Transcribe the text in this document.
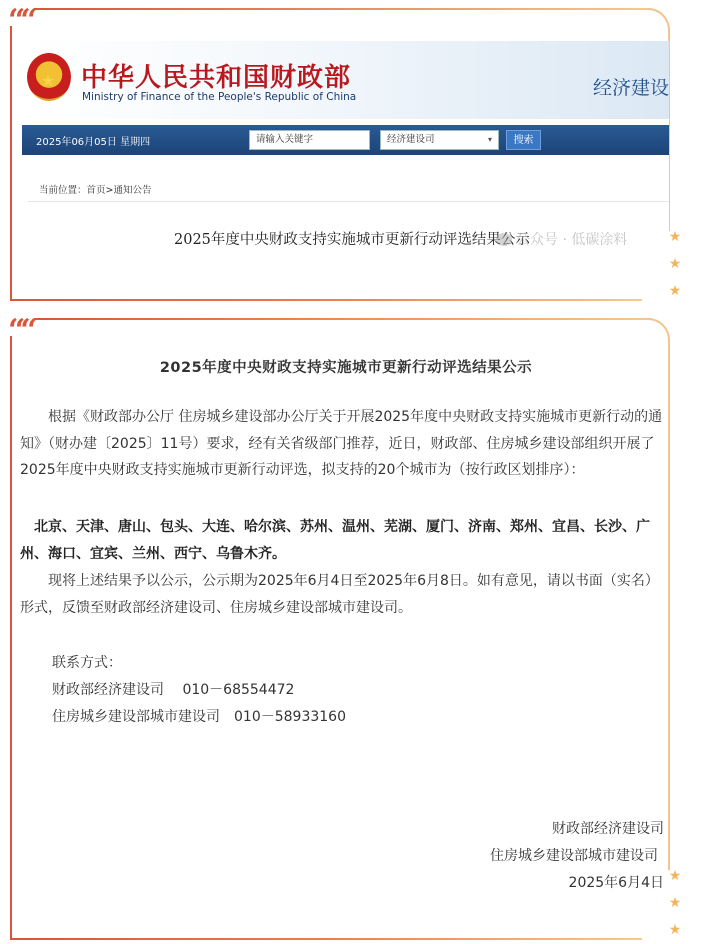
““
★
★
★
★ 中华人民共和国财政部
Ministry of Finance of the People's Republic of China	经济建设
2025年06月05日 星期四	请输入关键字	经济建设司	▾	搜索
当前位置：首页>通知公告
2025年度中央财政支持实施城市更新行动评选结果公示
公众号 · 低碳涂料
““
★
★
★
2025年度中央财政支持实施城市更新行动评选结果公示
根据《财政部办公厅 住房城乡建设部办公厅关于开展2025年度中央财政支持实施城市更新行动的通知》（财办建〔2025〕11号）要求，经有关省级部门推荐，近日，财政部、住房城乡建设部组织开展了2025年度中央财政支持实施城市更新行动评选，拟支持的20个城市为（按行政区划排序）：
北京、天津、唐山、包头、大连、哈尔滨、苏州、温州、芜湖、厦门、济南、郑州、宜昌、长沙、广州、海口、宜宾、兰州、西宁、乌鲁木齐。
现将上述结果予以公示，公示期为2025年6月4日至2025年6月8日。如有意见，请以书面（实名）形式，反馈至财政部经济建设司、住房城乡建设部城市建设司。
联系方式：
财政部经济建设司　 010－68554472
住房城乡建设部城市建设司　010－58933160
财政部经济建设司
住房城乡建设部城市建设司
2025年6月4日
